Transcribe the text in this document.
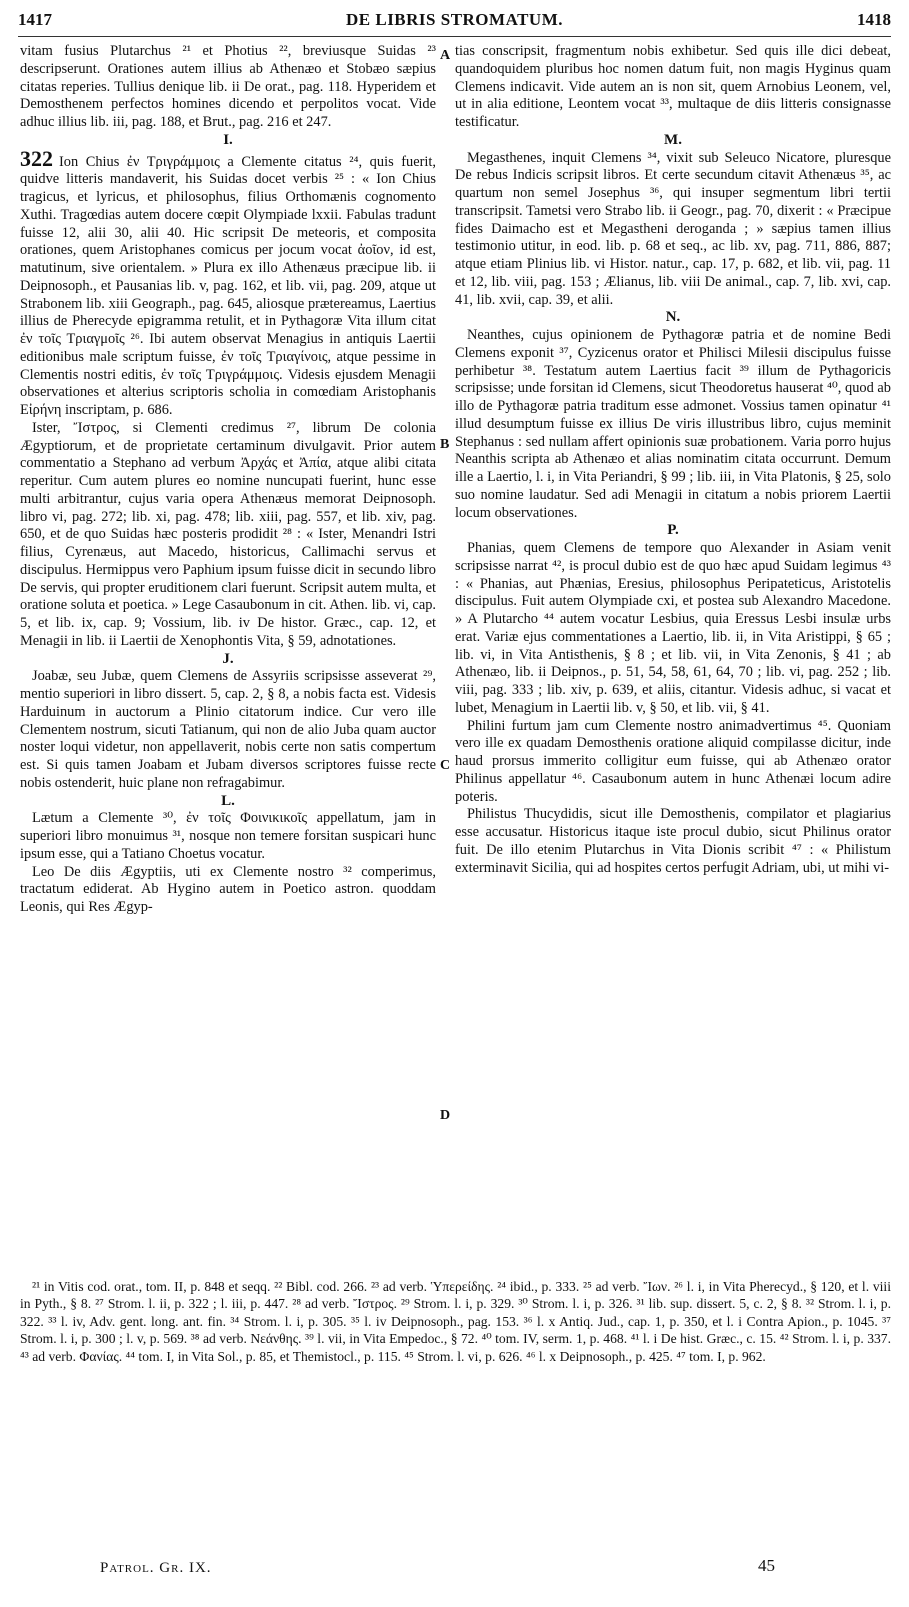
1417	DE LIBRIS STROMATUM.	1418

vitam fusius Plutarchus ²¹ et Photius ²², breviusque Suidas ²³ descripserunt. Orationes autem illius ab Athenæo et Stobæo sæpius citatas reperies. Tullius denique lib. ii De orat., pag. 118. Hyperidem et Demosthenem perfectos homines dicendo et perpolitos vocat. Vide adhuc illius lib. iii, pag. 188, et Brut., pag. 216 et 247.

I.

322 Ion Chius ἐν Τριγράμμοις a Clemente citatus ²⁴, quis fuerit, quidve litteris mandaverit, his Suidas docet verbis ²⁵ : « Ion Chius tragicus, et lyricus, et philosophus, filius Orthomænis cognomento Xuthi. Tragœdias autem docere cœpit Olympiade lxxii. Fabulas tradunt fuisse 12, alii 30, alii 40. Hic scripsit De meteoris, et composita orationes, quem Aristophanes comicus per jocum vocat ἀοῖον, id est, matutinum, sive orientalem. » Plura ex illo Athenæus præcipue lib. ii Deipnosoph., et Pausanias lib. v, pag. 162, et lib. vii, pag. 209, atque ut Strabonem lib. xiii Geograph., pag. 645, aliosque prætereamus, Laertius illius de Pherecyde epigramma retulit, et in Pythagoræ Vita illum citat ἐν τοῖς Τριαγμοῖς ²⁶. Ibi autem observat Menagius in antiquis Laertii editionibus male scriptum fuisse, ἐν τοῖς Τριαγίνοις, atque pessime in Clementis nostri editis, ἐν τοῖς Τριγράμμοις. Videsis ejusdem Menagii observationes et alterius scriptoris scholia in comœdiam Aristophanis Εἰρήνη inscriptam, p. 686.

Ister, Ἴστρος, si Clementi credimus ²⁷, librum De colonia Ægyptiorum, et de proprietate certaminum divulgavit. Prior autem commentatio a Stephano ad verbum Ἀρχάς et Ἀπία, atque alibi citata reperitur. Cum autem plures eo nomine nuncupati fuerint, hunc esse multi arbitrantur, cujus varia opera Athenæus memorat Deipnosoph. libro vi, pag. 272; lib. xi, pag. 478; lib. xiii, pag. 557, et lib. xiv, pag. 650, et de quo Suidas hæc posteris prodidit ²⁸ : « Ister, Menandri Istri filius, Cyrenæus, aut Macedo, historicus, Callimachi servus et discipulus. Hermippus vero Paphium ipsum fuisse dicit in secundo libro De servis, qui propter eruditionem clari fuerunt. Scripsit autem multa, et oratione soluta et poetica. » Lege Casaubonum in cit. Athen. lib. vi, cap. 5, et lib. ix, cap. 9; Vossium, lib. iv De histor. Græc., cap. 12, et Menagii in lib. ii Laertii de Xenophontis Vita, § 59, adnotationes.

J.

Joabæ, seu Jubæ, quem Clemens de Assyriis scripsisse asseverat ²⁹, mentio superiori in libro dissert. 5, cap. 2, § 8, a nobis facta est. Videsis Harduinum in auctorum a Plinio citatorum indice. Cur vero ille Clementem nostrum, sicuti Tatianum, qui non de alio Juba quam auctor noster loqui videtur, non appellaverit, nobis certe non satis compertum est. Si quis tamen Joabam et Jubam diversos scriptores fuisse recte nobis ostenderit, huic plane non refragabimur.

L.

Lætum a Clemente ³⁰, ἐν τοῖς Φοινικικοῖς appellatum, jam in superiori libro monuimus ³¹, nosque non temere forsitan suspicari hunc ipsum esse, qui a Tatiano Choetus vocatur.

Leo De diis Ægyptiis, uti ex Clemente nostro ³² comperimus, tractatum ediderat. Ab Hygino autem in Poetico astron. quoddam Leonis, qui Res Ægyp-

A
B
C
D

tias conscripsit, fragmentum nobis exhibetur. Sed quis ille dici debeat, quandoquidem pluribus hoc nomen datum fuit, non magis Hyginus quam Clemens indicavit. Vide autem an is non sit, quem Arnobius Leonem, vel, ut in alia editione, Leontem vocat ³³, multaque de diis litteris consignasse testificatur.

M.

Megasthenes, inquit Clemens ³⁴, vixit sub Seleuco Nicatore, pluresque De rebus Indicis scripsit libros. Et certe secundum citavit Athenæus ³⁵, ac quartum non semel Josephus ³⁶, qui insuper segmentum libri tertii transcripsit. Tametsi vero Strabo lib. ii Geogr., pag. 70, dixerit : « Præcipue fides Daimacho est et Megastheni deroganda ; » sæpius tamen illius testimonio utitur, in eod. lib. p. 68 et seq., ac lib. xv, pag. 711, 886, 887; atque etiam Plinius lib. vi Histor. natur., cap. 17, p. 682, et lib. vii, pag. 11 et 12, lib. viii, pag. 153 ; Ælianus, lib. viii De animal., cap. 7, lib. xvi, cap. 41, lib. xvii, cap. 39, et alii.

N.

Neanthes, cujus opinionem de Pythagoræ patria et de nomine Bedi Clemens exponit ³⁷, Cyzicenus orator et Philisci Milesii discipulus fuisse perhibetur ³⁸. Testatum autem Laertius facit ³⁹ illum de Pythagoricis scripsisse; unde forsitan id Clemens, sicut Theodoretus hauserat ⁴⁰, quod ab illo de Pythagoræ patria traditum esse admonet. Vossius tamen opinatur ⁴¹ illud desumptum fuisse ex illius De viris illustribus libro, cujus meminit Stephanus : sed nullam affert opinionis suæ probationem. Varia porro hujus Neanthis scripta ab Athenæo et alias nominatim citata occurrunt. Demum ille a Laertio, l. i, in Vita Periandri, § 99 ; lib. iii, in Vita Platonis, § 25, solo suo nomine laudatur. Sed adi Menagii in citatum a nobis priorem Laertii locum observationes.

P.

Phanias, quem Clemens de tempore quo Alexander in Asiam venit scripsisse narrat ⁴², is procul dubio est de quo hæc apud Suidam legimus ⁴³ : « Phanias, aut Phænias, Eresius, philosophus Peripateticus, Aristotelis discipulus. Fuit autem Olympiade cxi, et postea sub Alexandro Macedone. » A Plutarcho ⁴⁴ autem vocatur Lesbius, quia Eressus Lesbi insulæ urbs erat. Variæ ejus commentationes a Laertio, lib. ii, in Vita Aristippi, § 65 ; lib. vi, in Vita Antisthenis, § 8 ; et lib. vii, in Vita Zenonis, § 41 ; ab Athenæo, lib. ii Deipnos., p. 51, 54, 58, 61, 64, 70 ; lib. vi, pag. 252 ; lib. viii, pag. 333 ; lib. xiv, p. 639, et aliis, citantur. Videsis adhuc, si vacat et lubet, Menagium in Laertii lib. v, § 50, et lib. vii, § 41.

Philini furtum jam cum Clemente nostro animadvertimus ⁴⁵. Quoniam vero ille ex quadam Demosthenis oratione aliquid compilasse dicitur, inde haud prorsus immerito colligitur eum fuisse, qui ab Athenæo orator Philinus appellatur ⁴⁶. Casaubonum autem in hunc Athenæi locum adire poteris.

Philistus Thucydidis, sicut ille Demosthenis, compilator et plagiarius esse accusatur. Historicus itaque iste procul dubio, sicut Philinus orator fuit. De illo etenim Plutarchus in Vita Dionis scribit ⁴⁷ : « Philistum exterminavit Sicilia, qui ad hospites certos perfugit Adriam, ubi, ut mihi vi-

²¹ in Vitis cod. orat., tom. II, p. 848 et seqq. ²² Bibl. cod. 266. ²³ ad verb. Ὑπερείδης. ²⁴ ibid., p. 333. ²⁵ ad verb. Ἴων. ²⁶ l. i, in Vita Pherecyd., § 120, et l. viii in Pyth., § 8. ²⁷ Strom. l. ii, p. 322 ; l. iii, p. 447. ²⁸ ad verb. Ἴστρος. ²⁹ Strom. l. i, p. 329. ³⁰ Strom. l. i, p. 326. ³¹ lib. sup. dissert. 5, c. 2, § 8. ³² Strom. l. i, p. 322. ³³ l. iv, Adv. gent. long. ant. fin. ³⁴ Strom. l. i, p. 305. ³⁵ l. iv Deipnosoph., pag. 153. ³⁶ l. x Antiq. Jud., cap. 1, p. 350, et l. i Contra Apion., p. 1045. ³⁷ Strom. l. i, p. 300 ; l. v, p. 569. ³⁸ ad verb. Νεάνθης. ³⁹ l. vii, in Vita Empedoc., § 72. ⁴⁰ tom. IV, serm. 1, p. 468. ⁴¹ l. i De hist. Græc., c. 15. ⁴² Strom. l. i, p. 337. ⁴³ ad verb. Φανίας. ⁴⁴ tom. I, in Vita Sol., p. 85, et Themistocl., p. 115. ⁴⁵ Strom. l. vi, p. 626. ⁴⁶ l. x Deipnosoph., p. 425. ⁴⁷ tom. I, p. 962.

Patrol. Gr. IX.	45
